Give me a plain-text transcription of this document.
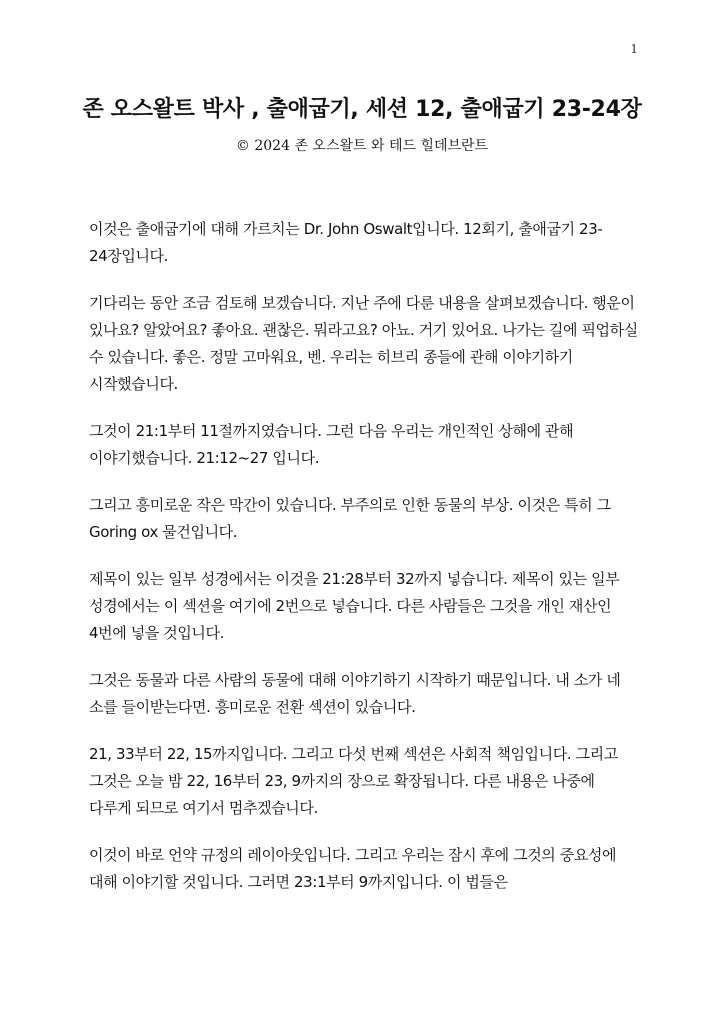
1
존 오스왈트 박사 , 출애굽기, 세션 12, 출애굽기 23-24장

© 2024 존 오스왈트 와 테드 힐데브란트

이것은 출애굽기에 대해 가르치는 Dr. John Oswalt입니다. 12회기, 출애굽기 23-24장입니다.

기다리는 동안 조금 검토해 보겠습니다. 지난 주에 다룬 내용을 살펴보겠습니다. 행운이 있나요? 알았어요? 좋아요. 괜찮은. 뭐라고요? 아뇨. 거기 있어요. 나가는 길에 픽업하실 수 있습니다. 좋은. 정말 고마워요, 벤. 우리는 히브리 종들에 관해 이야기하기 시작했습니다.

그것이 21:1부터 11절까지였습니다. 그런 다음 우리는 개인적인 상해에 관해 이야기했습니다. 21:12~27 입니다.

그리고 흥미로운 작은 막간이 있습니다. 부주의로 인한 동물의 부상. 이것은 특히 그 Goring ox 물건입니다.

제목이 있는 일부 성경에서는 이것을 21:28부터 32까지 넣습니다. 제목이 있는 일부 성경에서는 이 섹션을 여기에 2번으로 넣습니다. 다른 사람들은 그것을 개인 재산인 4번에 넣을 것입니다.

그것은 동물과 다른 사람의 동물에 대해 이야기하기 시작하기 때문입니다. 내 소가 네 소를 들이받는다면. 흥미로운 전환 섹션이 있습니다.

21, 33부터 22, 15까지입니다. 그리고 다섯 번째 섹션은 사회적 책임입니다. 그리고 그것은 오늘 밤 22, 16부터 23, 9까지의 장으로 확장됩니다. 다른 내용은 나중에 다루게 되므로 여기서 멈추겠습니다.

이것이 바로 언약 규정의 레이아웃입니다. 그리고 우리는 잠시 후에 그것의 중요성에 대해 이야기할 것입니다. 그러면 23:1부터 9까지입니다. 이 법들은
